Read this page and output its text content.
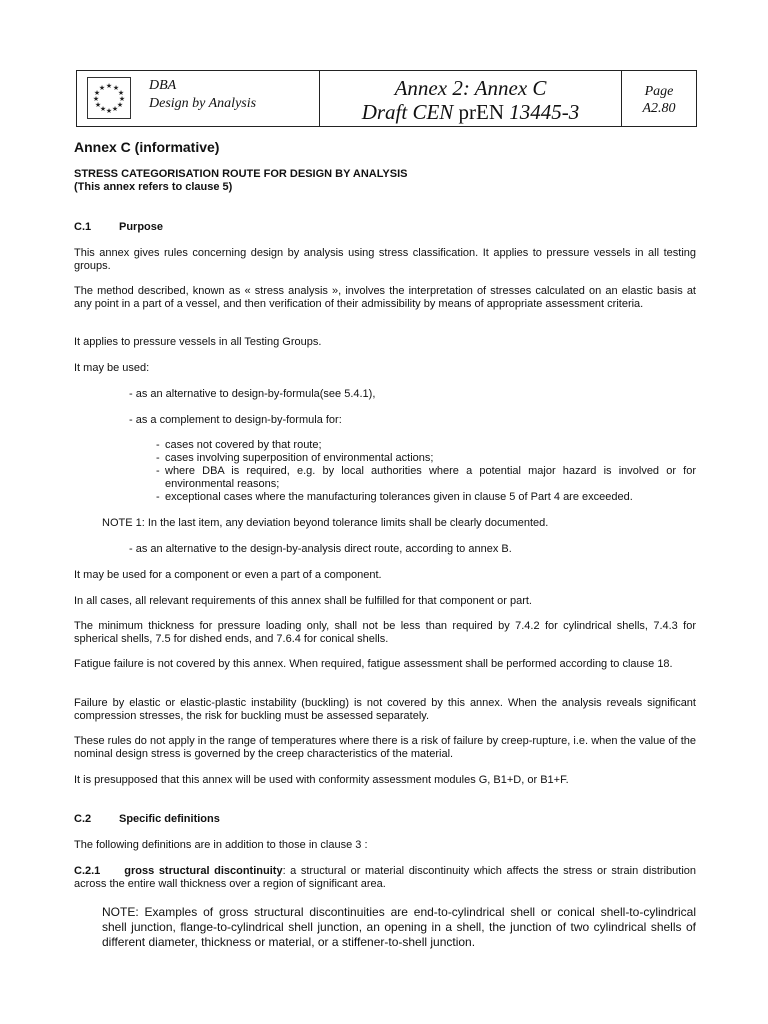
★ ★
★
★
★
★
★
★
★
★
★
★	DBA
Design by Analysis
Annex 2: Annex C
Draft CEN prEN 13445-3
Page
A2.80
Annex C (informative)
STRESS CATEGORISATION ROUTE FOR DESIGN BY ANALYSIS
(This annex refers to clause 5)
C.1	Purpose

This annex gives rules concerning design by analysis using stress classification. It applies to pressure vessels in all testing groups.

The method described, known as « stress analysis », involves the interpretation of stresses calculated on an elastic basis at any point in a part of a vessel, and then verification of their admissibility by means of appropriate assessment criteria.

It applies to pressure vessels in all Testing Groups.

It may be used:

- as an alternative to design-by-formula(see 5.4.1),
- as a complement to design-by-formula for:
- cases not covered by that route;
- cases involving superposition of environmental actions;
- where DBA is required, e.g. by local authorities where a potential major hazard is involved or for environmental reasons;
- exceptional cases where the manufacturing tolerances given in clause 5 of Part 4 are exceeded.
NOTE 1: In the last item, any deviation beyond tolerance limits shall be clearly documented.
- as an alternative to the design-by-analysis direct route, according to annex B.

It may be used for a component or even a part of a component.

In all cases, all relevant requirements of this annex shall be fulfilled for that component or part.

The minimum thickness for pressure loading only, shall not be less than required by 7.4.2 for cylindrical shells, 7.4.3 for spherical shells, 7.5 for dished ends, and 7.6.4 for conical shells.

Fatigue failure is not covered by this annex. When required, fatigue assessment shall be performed according to clause 18.

Failure by elastic or elastic-plastic instability (buckling) is not covered by this annex. When the analysis reveals significant compression stresses, the risk for buckling must be assessed separately.

These rules do not apply in the range of temperatures where there is a risk of failure by creep-rupture, i.e. when the value of the nominal design stress is governed by the creep characteristics of the material.

It is presupposed that this annex will be used with conformity assessment modules G, B1+D, or B1+F.

C.2	Specific definitions

The following definitions are in addition to those in clause 3 :

C.2.1 gross structural discontinuity: a structural or material discontinuity which affects the stress or strain distribution across the entire wall thickness over a region of significant area.

NOTE: Examples of gross structural discontinuities are end-to-cylindrical shell or conical shell-to-cylindrical shell junction, flange-to-cylindrical shell junction, an opening in a shell, the junction of two cylindrical shells of different diameter, thickness or material, or a stiffener-to-shell junction.
